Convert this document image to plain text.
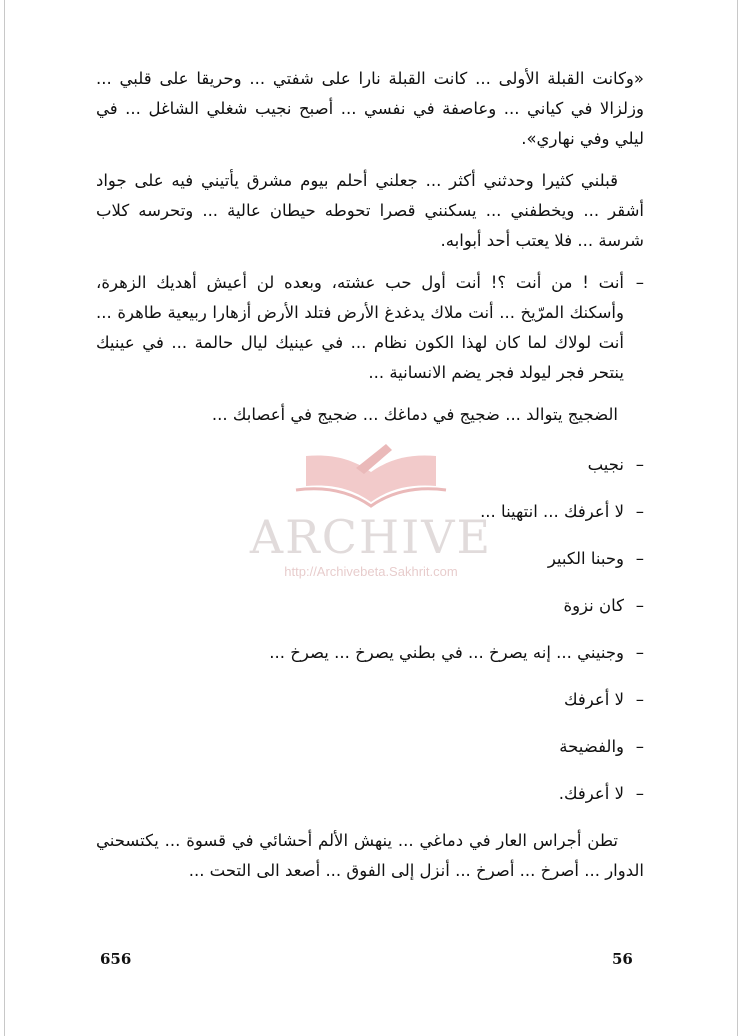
ARCHIVE
http://Archivebeta.Sakhrit.com

«وكانت القبلة الأولى ... كانت القبلة نارا على شفتي ... وحريقا على قلبي ... وزلزالا في كياني ... وعاصفة في نفسي ... أصبح نجيب شغلي الشاغل ... في ليلي وفي نهاري».

قبلني كثيرا وحدثني أكثر ... جعلني أحلم بيوم مشرق يأتيني فيه على جواد أشقر ... ويخطفني ... يسكنني قصرا تحوطه حيطان عالية ... وتحرسه كلاب شرسة ... فلا يعتب أحد أبوابه.

– أنت ! من أنت ؟! أنت أول حب عشته، وبعده لن أعيش أهديك الزهرة، وأسكنك المرّيخ ... أنت ملاك يدغدغ الأرض فتلد الأرض أزهارا ربيعية طاهرة ... أنت لولاك لما كان لهذا الكون نظام ... في عينيك ليال حالمة ... في عينيك ينتحر فجر ليولد فجر يضم الانسانية ...

الضجيج يتوالد ... ضجيج في دماغك ... ضجيج في أعصابك ...

–
نجيب
–
لا أعرفك ... انتهينا ...
–
وحبنا الكبير
–
كان نزوة
–
وجنيني ... إنه يصرخ ... في بطني يصرخ ... يصرخ ...
–
لا أعرفك
–
والفضيحة
–
لا أعرفك.

تطن أجراس العار في دماغي ... ينهش الألم أحشائي في قسوة ... يكتسحني الدوار ... أصرخ ... أصرخ ... أنزل إلى الفوق ... أصعد الى التحت ...

656	56
